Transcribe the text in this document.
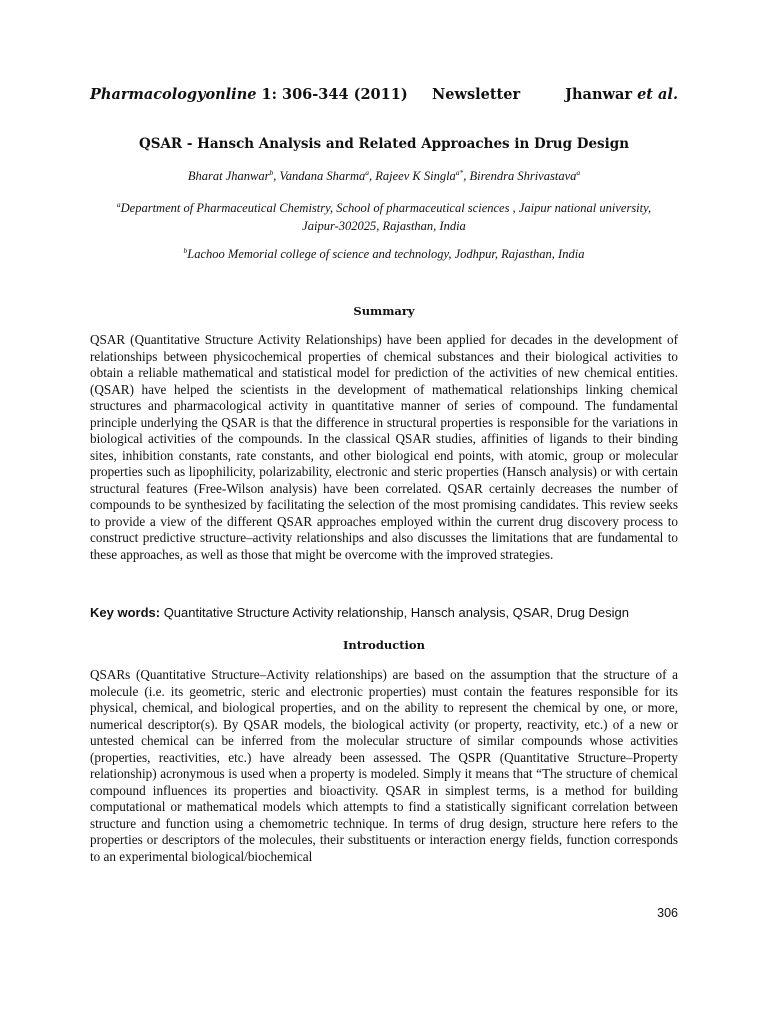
Pharmacologyonline 1: 306-344 (2011) Newsletter	Jhanwar et al.
QSAR - Hansch Analysis and Related Approaches in Drug Design
Bharat Jhanwar$^b$, Vandana Sharma$^a$, Rajeev K Singla$^{a*}$, Birendra Shrivastava$^a$
$^a$Department of Pharmaceutical Chemistry, School of pharmaceutical sciences , Jaipur national university, Jaipur-302025, Rajasthan, India
$^b$Lachoo Memorial college of science and technology, Jodhpur, Rajasthan, India
Summary
QSAR (Quantitative Structure Activity Relationships) have been applied for decades in the development of relationships between physicochemical properties of chemical substances and their biological activities to obtain a reliable mathematical and statistical model for prediction of the activities of new chemical entities. (QSAR) have helped the scientists in the development of mathematical relationships linking chemical structures and pharmacological activity in quantitative manner of series of compound. The fundamental principle underlying the QSAR is that the difference in structural properties is responsible for the variations in biological activities of the compounds. In the classical QSAR studies, affinities of ligands to their binding sites, inhibition constants, rate constants, and other biological end points, with atomic, group or molecular properties such as lipophilicity, polarizability, electronic and steric properties (Hansch analysis) or with certain structural features (Free-Wilson analysis) have been correlated. QSAR certainly decreases the number of compounds to be synthesized by facilitating the selection of the most promising candidates. This review seeks to provide a view of the different QSAR approaches employed within the current drug discovery process to construct predictive structure–activity relationships and also discusses the limitations that are fundamental to these approaches, as well as those that might be overcome with the improved strategies.
Key words: Quantitative Structure Activity relationship, Hansch analysis, QSAR, Drug Design
Introduction
QSARs (Quantitative Structure–Activity relationships) are based on the assumption that the structure of a molecule (i.e. its geometric, steric and electronic properties) must contain the features responsible for its physical, chemical, and biological properties, and on the ability to represent the chemical by one, or more, numerical descriptor(s). By QSAR models, the biological activity (or property, reactivity, etc.) of a new or untested chemical can be inferred from the molecular structure of similar compounds whose activities (properties, reactivities, etc.) have already been assessed. The QSPR (Quantitative Structure–Property relationship) acronymous is used when a property is modeled. Simply it means that “The structure of chemical compound influences its properties and bioactivity. QSAR in simplest terms, is a method for building computational or mathematical models which attempts to find a statistically significant correlation between structure and function using a chemometric technique. In terms of drug design, structure here refers to the properties or descriptors of the molecules, their substituents or interaction energy fields, function corresponds to an experimental biological/biochemical
306
